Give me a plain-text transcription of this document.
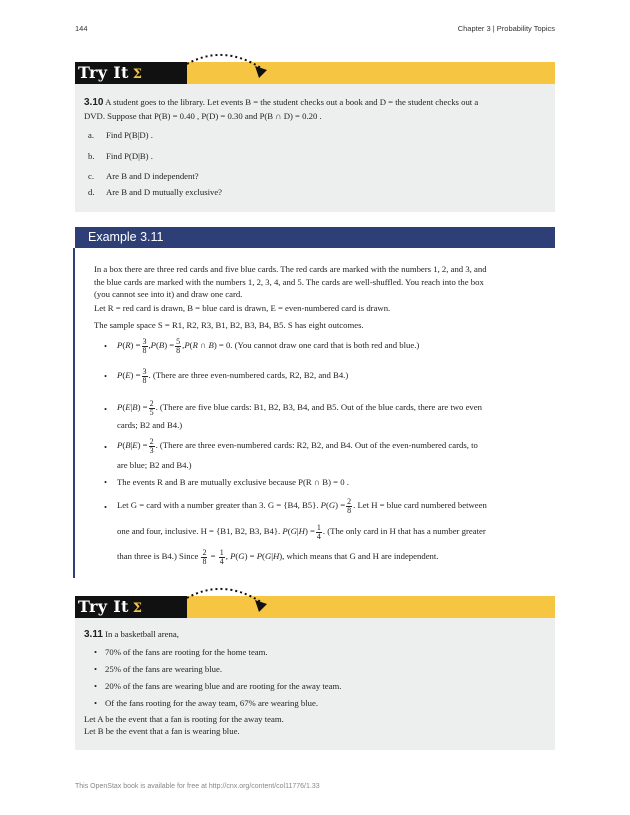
144	Chapter 3 | Probability Topics
Try It Σ
3.10 A student goes to the library. Let events B = the student checks out a book and D = the student checks out a
DVD. Suppose that P(B) = 0.40 , P(D) = 0.30 and P(B ∩ D) = 0.20 .
a. Find P(B|D) .
b. Find P(D|B) .
c. Are B and D independent?
d. Are B and D mutually exclusive?
Example 3.11
In a box there are three red cards and five blue cards. The red cards are marked with the numbers 1, 2, and 3, and
the blue cards are marked with the numbers 1, 2, 3, 4, and 5. The cards are well-shuffled. You reach into the box
(you cannot see into it) and draw one card.
Let R = red card is drawn, B = blue card is drawn, E = even-numbered card is drawn.
The sample space S = R1, R2, R3, B1, B2, B3, B4, B5. S has eight outcomes.
• $P(R) = \frac{3}{8} ,P(B) = \frac{5}{8} ,P(R$ ∩ B) = 0. (You cannot draw one card that is both red and blue.)
• $P(E) = \frac{3}{8}$ . (There are three even-numbered cards, R2, B2, and B4.)
• $P(E|B) = \frac{2}{5}$ . (There are five blue cards: B1, B2, B3, B4, and B5. Out of the blue cards, there are two even
cards; B2 and B4.)
• $P(B|E) = \frac{2}{3}$ . (There are three even-numbered cards: R2, B2, and B4. Out of the even-numbered cards, to
are blue; B2 and B4.)
• The events R and B are mutually exclusive because P(R ∩ B) = 0 .
• Let G = card with a number greater than 3. G = {B4, B5}. $P(G) = \frac{2}{8}$ . Let H = blue card numbered between
one and four, inclusive. H = {B1, B2, B3, B4}. $P(G|H) = \frac{1}{4}$ . (The only card in H that has a number greater
than three is B4.) Since $\frac{2}{8} = \frac{1}{4}$ , P(G) = P(G|H), which means that G and H are independent.
Try It Σ
3.11 In a basketball arena,
• 70% of the fans are rooting for the home team.
• 25% of the fans are wearing blue.
• 20% of the fans are wearing blue and are rooting for the away team.
• Of the fans rooting for the away team, 67% are wearing blue.
Let A be the event that a fan is rooting for the away team.
Let B be the event that a fan is wearing blue.
This OpenStax book is available for free at http://cnx.org/content/col11776/1.33
